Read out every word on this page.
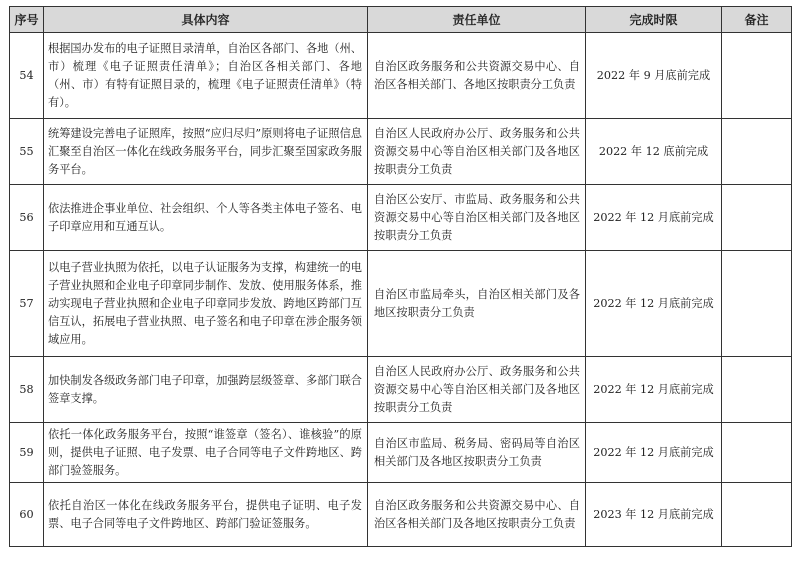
序号	具体内容	责任单位	完成时限	备注
54	根据国办发布的电子证照目录清单，自治区各部门、各地（州、市）梳理《电子证照责任清单》；自治区各相关部门、各地（州、市）有特有证照目录的，梳理《电子证照责任清单》（特有）。	自治区政务服务和公共资源交易中心、自治区各相关部门、各地区按职责分工负责	2022 年 9 月底前完成	
55	统筹建设完善电子证照库，按照“应归尽归”原则将电子证照信息汇聚至自治区一体化在线政务服务平台，同步汇聚至国家政务服务平台。	自治区人民政府办公厅、政务服务和公共资源交易中心等自治区相关部门及各地区按职责分工负责	2022 年 12 底前完成	
56	依法推进企事业单位、社会组织、个人等各类主体电子签名、电子印章应用和互通互认。	自治区公安厅、市监局、政务服务和公共资源交易中心等自治区相关部门及各地区按职责分工负责	2022 年 12 月底前完成	
57	以电子营业执照为依托，以电子认证服务为支撑，构建统一的电子营业执照和企业电子印章同步制作、发放、使用服务体系，推动实现电子营业执照和企业电子印章同步发放、跨地区跨部门互信互认，拓展电子营业执照、电子签名和电子印章在涉企服务领域应用。	自治区市监局牵头，自治区相关部门及各地区按职责分工负责	2022 年 12 月底前完成	
58	加快制发各级政务部门电子印章，加强跨层级签章、多部门联合签章支撑。	自治区人民政府办公厅、政务服务和公共资源交易中心等自治区相关部门及各地区按职责分工负责	2022 年 12 月底前完成	
59	依托一体化政务服务平台，按照“谁签章（签名）、谁核验”的原则，提供电子证照、电子发票、电子合同等电子文件跨地区、跨部门验签服务。	自治区市监局、税务局、密码局等自治区相关部门及各地区按职责分工负责	2022 年 12 月底前完成	
60	依托自治区一体化在线政务服务平台，提供电子证明、电子发票、电子合同等电子文件跨地区、跨部门验证签服务。	自治区政务服务和公共资源交易中心、自治区各相关部门及各地区按职责分工负责	2023 年 12 月底前完成	
